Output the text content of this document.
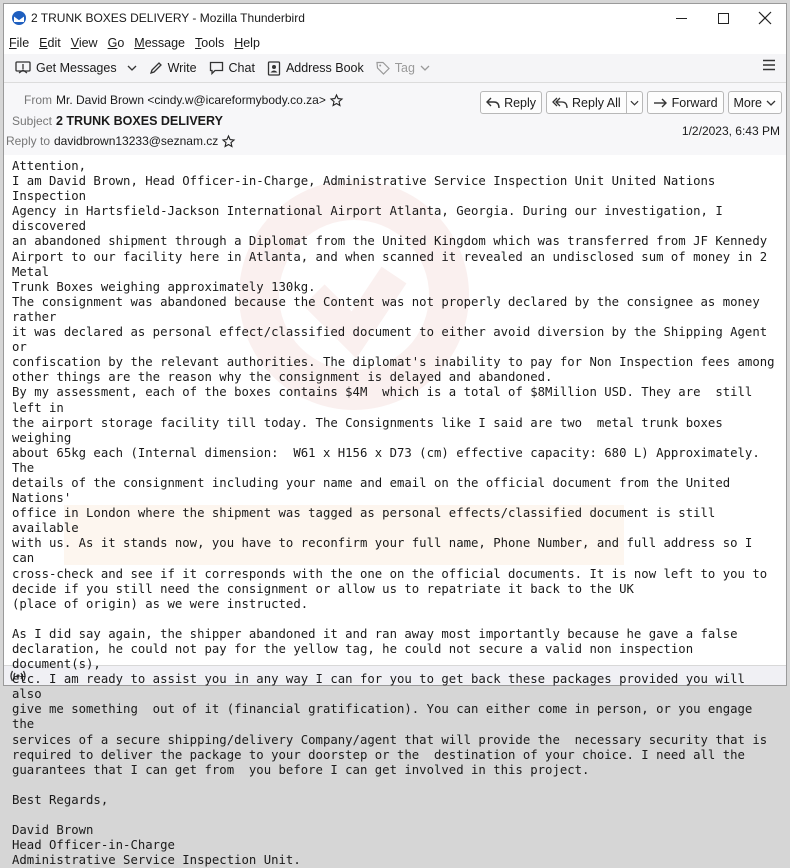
2 TRUNK BOXES DELIVERY - Mozilla Thunderbird
File Edit View Go Message Tools Help
Get Messages	Write	Chat Address Book Tag
From Mr. David Brown <cindy.w@icareformybody.co.za>
Subject 2 TRUNK BOXES DELIVERY
Reply to davidbrown13233@seznam.cz
Reply	Reply All	Forward More
1/2/2023, 6:43 PM
Attention,
I am David Brown, Head Officer-in-Charge, Administrative Service Inspection Unit United Nations Inspection
Agency in Hartsfield-Jackson International Airport Atlanta, Georgia. During our investigation, I discovered
an abandoned shipment through a Diplomat from the United Kingdom which was transferred from JF Kennedy
Airport to our facility here in Atlanta, and when scanned it revealed an undisclosed sum of money in 2 Metal
Trunk Boxes weighing approximately 130kg.
The consignment was abandoned because the Content was not properly declared by the consignee as money rather
it was declared as personal effect/classified document to either avoid diversion by the Shipping Agent or
confiscation by the relevant authorities. The diplomat's inability to pay for Non Inspection fees among
other things are the reason why the consignment is delayed and abandoned.
By my assessment, each of the boxes contains $4M  which is a total of $8Million USD. They are  still left in
the airport storage facility till today. The Consignments like I said are two  metal trunk boxes weighing
about 65kg each (Internal dimension:  W61 x H156 x D73 (cm) effective capacity: 680 L) Approximately. The
details of the consignment including your name and email on the official document from the United Nations'
office in London where the shipment was tagged as personal effects/classified document is still available
with us. As it stands now, you have to reconfirm your full name, Phone Number, and full address so I  can
cross-check and see if it corresponds with the one on the official documents. It is now left to you to
decide if you still need the consignment or allow us to repatriate it back to the UK
(place of origin) as we were instructed.

As I did say again, the shipper abandoned it and ran away most importantly because he gave a false
declaration, he could not pay for the yellow tag, he could not secure a valid non inspection document(s),
etc. I am ready to assist you in any way I can for you to get back these packages provided you will also
give me something  out of it (financial gratification). You can either come in person, or you engage the
services of a secure shipping/delivery Company/agent that will provide the  necessary security that is
required to deliver the package to your doorstep or the  destination of your choice. I need all the
guarantees that I can get from  you before I can get involved in this project.

Best Regards,

David Brown
Head Officer-in-Charge
Administrative Service Inspection Unit.
